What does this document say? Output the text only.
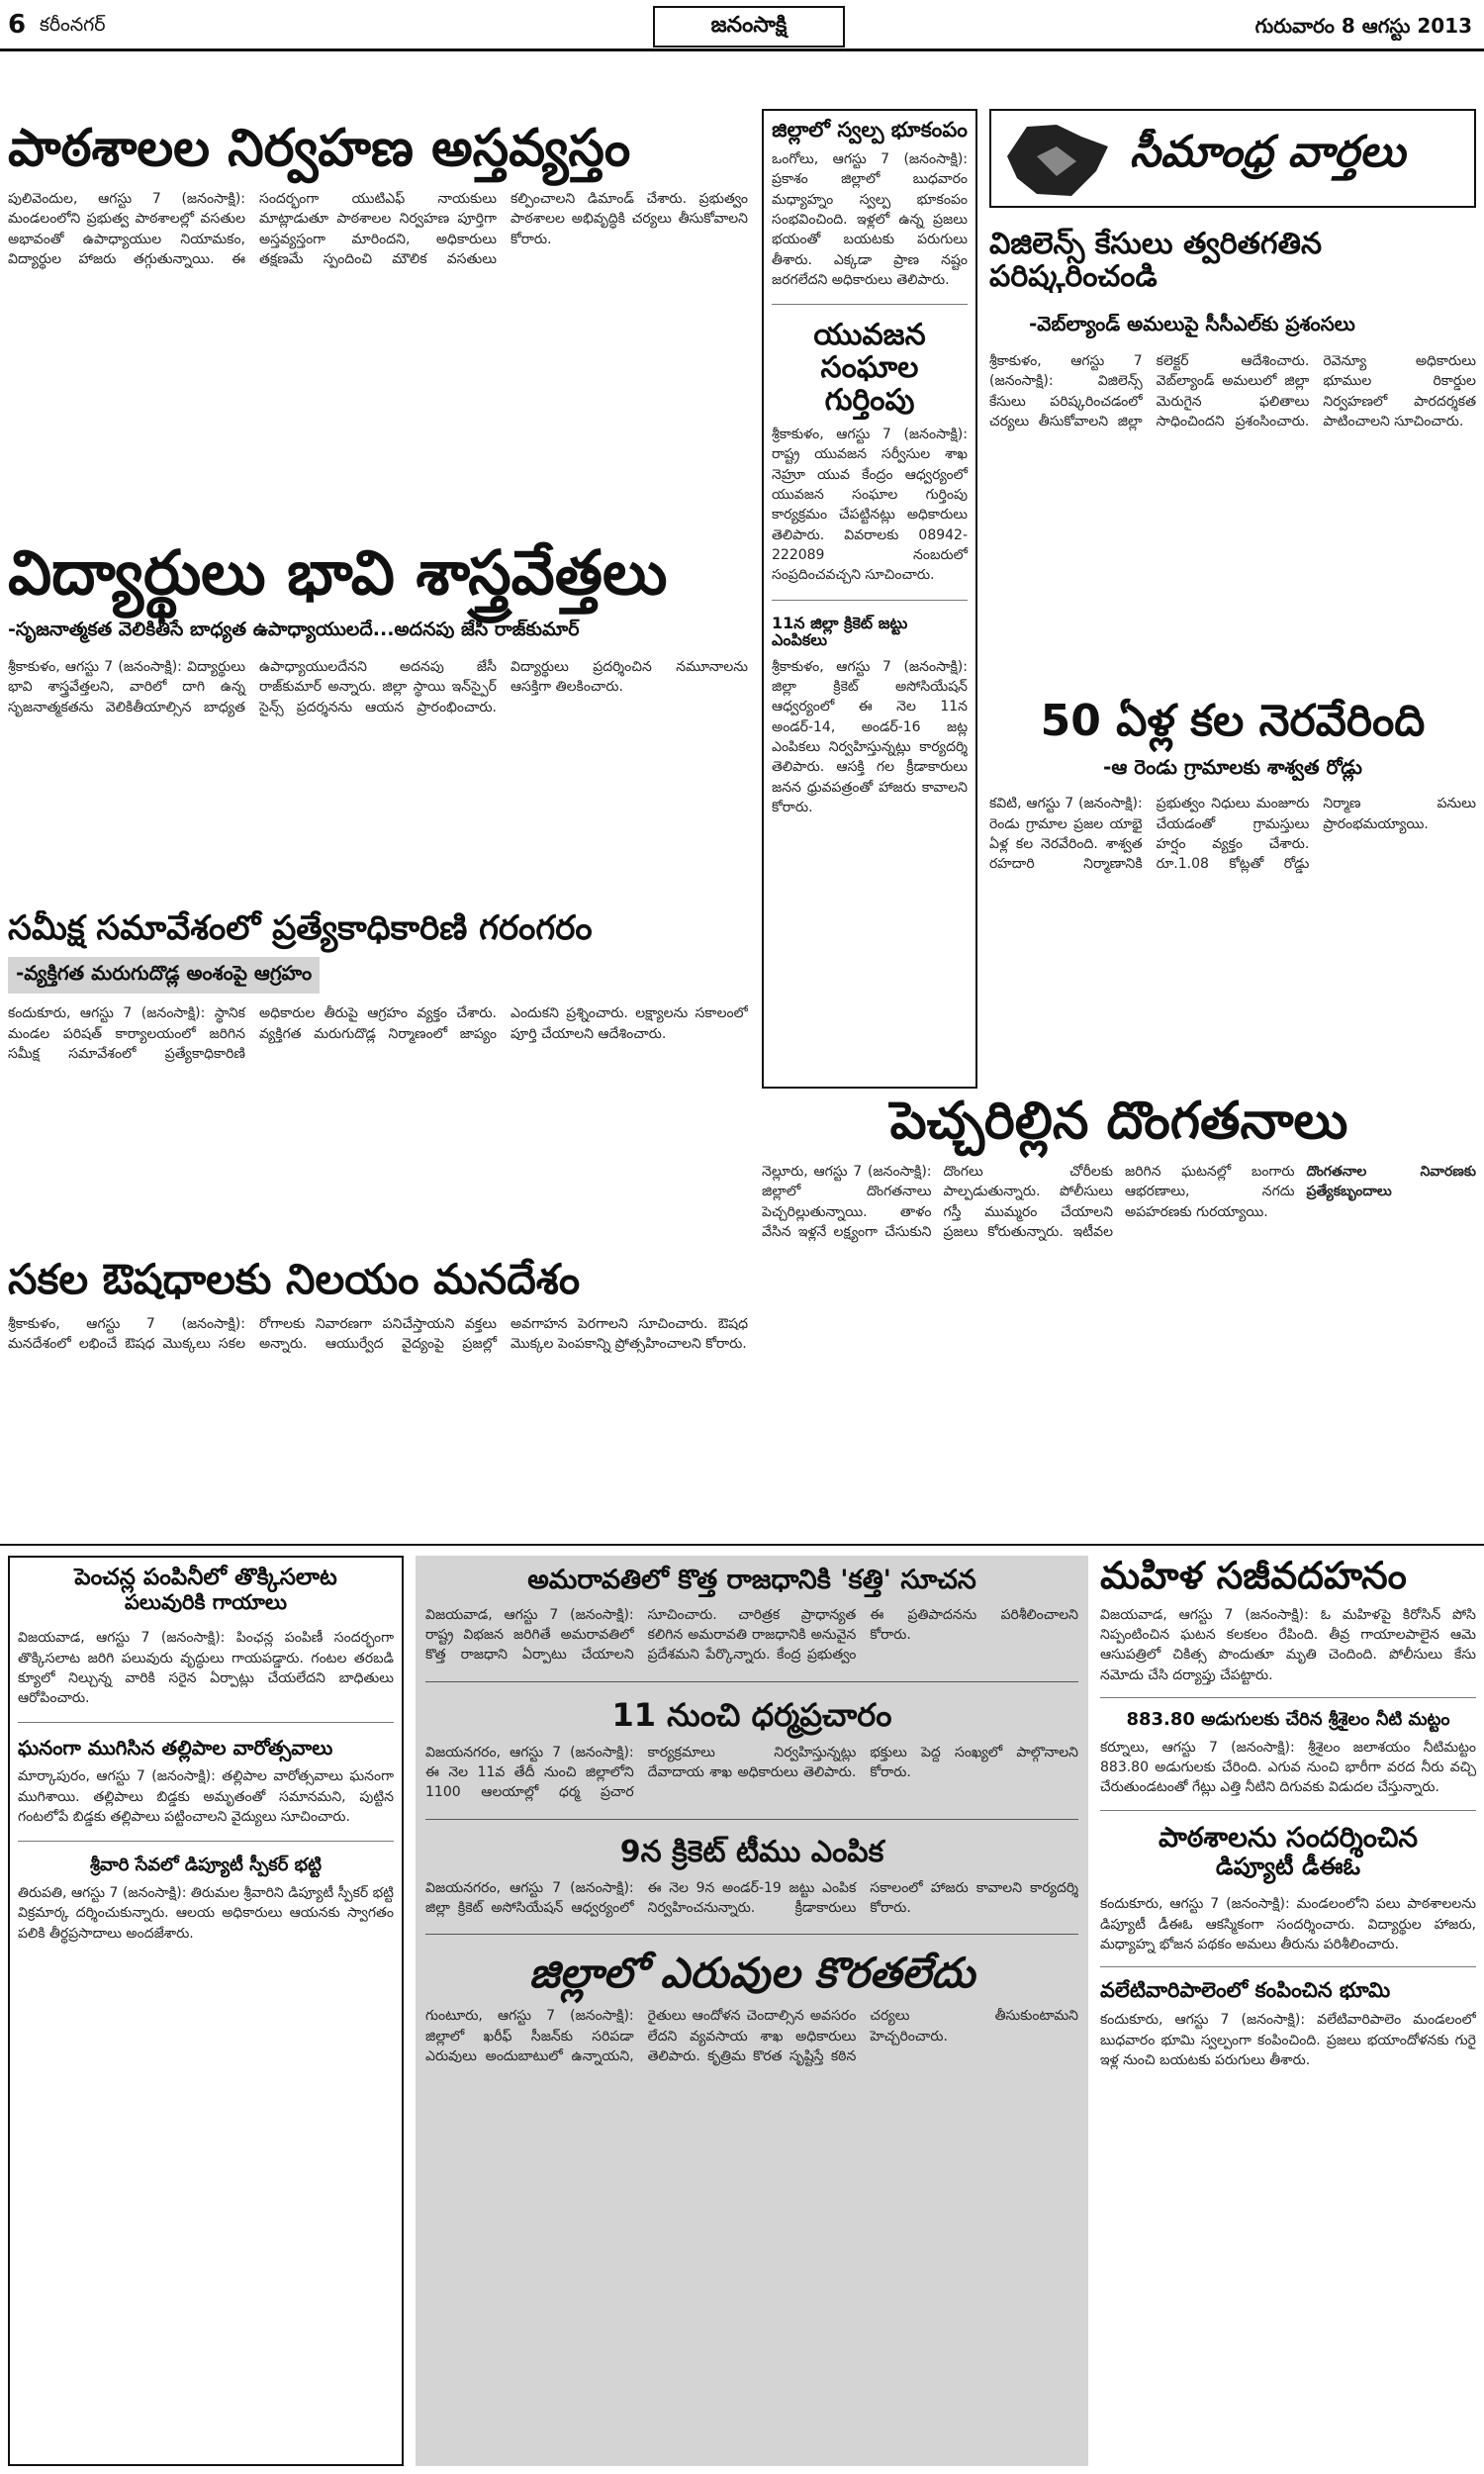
6 కరీంనగర్	జనంసాక్షి	గురువారం 8 ఆగస్టు 2013
పాఠశాలల నిర్వహణ అస్తవ్యస్తం
పులివెందుల, ఆగస్టు 7 (జనంసాక్షి): మండలంలోని ప్రభుత్వ పాఠశాలల్లో వసతుల అభావంతో ఉపాధ్యాయుల నియామకం, విద్యార్థుల హాజరు తగ్గుతున్నాయి. ఈ సందర్భంగా యుటిఎఫ్ నాయకులు మాట్లాడుతూ పాఠశాలల నిర్వహణ పూర్తిగా అస్తవ్యస్తంగా మారిందని, అధికారులు తక్షణమే స్పందించి మౌలిక వసతులు కల్పించాలని డిమాండ్ చేశారు. ప్రభుత్వం పాఠశాలల అభివృద్ధికి చర్యలు తీసుకోవాలని కోరారు.
జిల్లాలో స్వల్ప భూకంపం
ఒంగోలు, ఆగస్టు 7 (జనంసాక్షి): ప్రకాశం జిల్లాలో బుధవారం మధ్యాహ్నం స్వల్ప భూకంపం సంభవించింది. ఇళ్లలో ఉన్న ప్రజలు భయంతో బయటకు పరుగులు తీశారు. ఎక్కడా ప్రాణ నష్టం జరగలేదని అధికారులు తెలిపారు.
యువజన సంఘాల గుర్తింపు
శ్రీకాకుళం, ఆగస్టు 7 (జనంసాక్షి): రాష్ట్ర యువజన సర్వీసుల శాఖ నెహ్రూ యువ కేంద్రం ఆధ్వర్యంలో యువజన సంఘాల గుర్తింపు కార్యక్రమం చేపట్టినట్లు అధికారులు తెలిపారు. వివరాలకు 08942-222089 నంబరులో సంప్రదించవచ్చని సూచించారు.
11న జిల్లా క్రికెట్ జట్టు ఎంపికలు
శ్రీకాకుళం, ఆగస్టు 7 (జనంసాక్షి): జిల్లా క్రికెట్ అసోసియేషన్ ఆధ్వర్యంలో ఈ నెల 11న అండర్-14, అండర్-16 జట్ల ఎంపికలు నిర్వహిస్తున్నట్లు కార్యదర్శి తెలిపారు. ఆసక్తి గల క్రీడాకారులు జనన ధ్రువపత్రంతో హాజరు కావాలని కోరారు.
సీమాంధ్ర వార్తలు
విజిలెన్స్ కేసులు త్వరితగతిన పరిష్కరించండి
-వెబ్‌ల్యాండ్ అమలుపై సీసీఎల్‌కు ప్రశంసలు
శ్రీకాకుళం, ఆగస్టు 7 (జనంసాక్షి): విజిలెన్స్ కేసులు పరిష్కరించడంలో చర్యలు తీసుకోవాలని జిల్లా కలెక్టర్ ఆదేశించారు. వెబ్‌ల్యాండ్ అమలులో జిల్లా మెరుగైన ఫలితాలు సాధించిందని ప్రశంసించారు. రెవెన్యూ అధికారులు భూముల రికార్డుల నిర్వహణలో పారదర్శకత పాటించాలని సూచించారు.
విద్యార్థులు భావి శాస్త్రవేత్తలు
-సృజనాత్మకత వెలికితీసే బాధ్యత ఉపాధ్యాయులదే...అదనపు జేసీ రాజ్‌కుమార్
శ్రీకాకుళం, ఆగస్టు 7 (జనంసాక్షి): విద్యార్థులు భావి శాస్త్రవేత్తలని, వారిలో దాగి ఉన్న సృజనాత్మకతను వెలికితీయాల్సిన బాధ్యత ఉపాధ్యాయులదేనని అదనపు జేసీ రాజ్‌కుమార్ అన్నారు. జిల్లా స్థాయి ఇన్‌స్పైర్ సైన్స్ ప్రదర్శనను ఆయన ప్రారంభించారు. విద్యార్థులు ప్రదర్శించిన నమూనాలను ఆసక్తిగా తిలకించారు.
50 ఏళ్ల కల నెరవేరింది
-ఆ రెండు గ్రామాలకు శాశ్వత రోడ్లు
కవిటి, ఆగస్టు 7 (జనంసాక్షి): రెండు గ్రామాల ప్రజల యాభై ఏళ్ల కల నెరవేరింది. శాశ్వత రహదారి నిర్మాణానికి ప్రభుత్వం నిధులు మంజూరు చేయడంతో గ్రామస్తులు హర్షం వ్యక్తం చేశారు. రూ.1.08 కోట్లతో రోడ్డు నిర్మాణ పనులు ప్రారంభమయ్యాయి.
సమీక్ష సమావేశంలో ప్రత్యేకాధికారిణి గరంగరం
-వ్యక్తిగత మరుగుదొడ్ల అంశంపై ఆగ్రహం
కందుకూరు, ఆగస్టు 7 (జనంసాక్షి): స్థానిక మండల పరిషత్ కార్యాలయంలో జరిగిన సమీక్ష సమావేశంలో ప్రత్యేకాధికారిణి అధికారుల తీరుపై ఆగ్రహం వ్యక్తం చేశారు. వ్యక్తిగత మరుగుదొడ్ల నిర్మాణంలో జాప్యం ఎందుకని ప్రశ్నించారు. లక్ష్యాలను సకాలంలో పూర్తి చేయాలని ఆదేశించారు.
పెచ్చరిల్లిన దొంగతనాలు
నెల్లూరు, ఆగస్టు 7 (జనంసాక్షి): జిల్లాలో దొంగతనాలు పెచ్చరిల్లుతున్నాయి. తాళం వేసిన ఇళ్లనే లక్ష్యంగా చేసుకుని దొంగలు చోరీలకు పాల్పడుతున్నారు. పోలీసులు గస్తీ ముమ్మరం చేయాలని ప్రజలు కోరుతున్నారు. ఇటీవల జరిగిన ఘటనల్లో బంగారు ఆభరణాలు, నగదు అపహరణకు గురయ్యాయి.
దొంగతనాల నివారణకు ప్రత్యేకబృందాలు
సకల ఔషధాలకు నిలయం మనదేశం
శ్రీకాకుళం, ఆగస్టు 7 (జనంసాక్షి): మనదేశంలో లభించే ఔషధ మొక్కలు సకల రోగాలకు నివారణగా పనిచేస్తాయని వక్తలు అన్నారు. ఆయుర్వేద వైద్యంపై ప్రజల్లో అవగాహన పెరగాలని సూచించారు. ఔషధ మొక్కల పెంపకాన్ని ప్రోత్సహించాలని కోరారు.
పెంచన్ల పంపినీలో తొక్కిసలాట
పలువురికి గాయాలు
విజయవాడ, ఆగస్టు 7 (జనంసాక్షి): పింఛన్ల పంపిణీ సందర్భంగా తొక్కిసలాట జరిగి పలువురు వృద్ధులు గాయపడ్డారు. గంటల తరబడి క్యూలో నిల్చున్న వారికి సరైన ఏర్పాట్లు చేయలేదని బాధితులు ఆరోపించారు.
ఘనంగా ముగిసిన తల్లిపాల వారోత్సవాలు
మార్కాపురం, ఆగస్టు 7 (జనంసాక్షి): తల్లిపాల వారోత్సవాలు ఘనంగా ముగిశాయి. తల్లిపాలు బిడ్డకు అమృతంతో సమానమని, పుట్టిన గంటలోపే బిడ్డకు తల్లిపాలు పట్టించాలని వైద్యులు సూచించారు.
శ్రీవారి సేవలో డిప్యూటీ స్పీకర్ భట్టి
తిరుపతి, ఆగస్టు 7 (జనంసాక్షి): తిరుమల శ్రీవారిని డిప్యూటీ స్పీకర్ భట్టి విక్రమార్క దర్శించుకున్నారు. ఆలయ అధికారులు ఆయనకు స్వాగతం పలికి తీర్థప్రసాదాలు అందజేశారు.
అమరావతిలో కొత్త రాజధానికి 'కత్తి' సూచన
విజయవాడ, ఆగస్టు 7 (జనంసాక్షి): రాష్ట్ర విభజన జరిగితే అమరావతిలో కొత్త రాజధాని ఏర్పాటు చేయాలని సూచించారు. చారిత్రక ప్రాధాన్యత కలిగిన అమరావతి రాజధానికి అనువైన ప్రదేశమని పేర్కొన్నారు. కేంద్ర ప్రభుత్వం ఈ ప్రతిపాదనను పరిశీలించాలని కోరారు.
11 నుంచి ధర్మప్రచారం
విజయనగరం, ఆగస్టు 7 (జనంసాక్షి): ఈ నెల 11వ తేదీ నుంచి జిల్లాలోని 1100 ఆలయాల్లో ధర్మ ప్రచార కార్యక్రమాలు నిర్వహిస్తున్నట్లు దేవాదాయ శాఖ అధికారులు తెలిపారు. భక్తులు పెద్ద సంఖ్యలో పాల్గొనాలని కోరారు.
9న క్రికెట్ టీము ఎంపిక
విజయనగరం, ఆగస్టు 7 (జనంసాక్షి): జిల్లా క్రికెట్ అసోసియేషన్ ఆధ్వర్యంలో ఈ నెల 9న అండర్-19 జట్టు ఎంపిక నిర్వహించనున్నారు. క్రీడాకారులు సకాలంలో హాజరు కావాలని కార్యదర్శి కోరారు.
జిల్లాలో ఎరువుల కొరతలేదు
గుంటూరు, ఆగస్టు 7 (జనంసాక్షి): జిల్లాలో ఖరీఫ్ సీజన్‌కు సరిపడా ఎరువులు అందుబాటులో ఉన్నాయని, రైతులు ఆందోళన చెందాల్సిన అవసరం లేదని వ్యవసాయ శాఖ అధికారులు తెలిపారు. కృత్రిమ కొరత సృష్టిస్తే కఠిన చర్యలు తీసుకుంటామని హెచ్చరించారు.
మహిళ సజీవదహనం
విజయవాడ, ఆగస్టు 7 (జనంసాక్షి): ఓ మహిళపై కిరోసిన్ పోసి నిప్పంటించిన ఘటన కలకలం రేపింది. తీవ్ర గాయాలపాలైన ఆమె ఆసుపత్రిలో చికిత్స పొందుతూ మృతి చెందింది. పోలీసులు కేసు నమోదు చేసి దర్యాప్తు చేపట్టారు.
883.80 అడుగులకు చేరిన శ్రీశైలం నీటి మట్టం
కర్నూలు, ఆగస్టు 7 (జనంసాక్షి): శ్రీశైలం జలాశయం నీటిమట్టం 883.80 అడుగులకు చేరింది. ఎగువ నుంచి భారీగా వరద నీరు వచ్చి చేరుతుండటంతో గేట్లు ఎత్తి నీటిని దిగువకు విడుదల చేస్తున్నారు.
పాఠశాలను సందర్శించిన
డిప్యూటీ డీఈఓ
కందుకూరు, ఆగస్టు 7 (జనంసాక్షి): మండలంలోని పలు పాఠశాలలను డిప్యూటీ డీఈఓ ఆకస్మికంగా సందర్శించారు. విద్యార్థుల హాజరు, మధ్యాహ్న భోజన పథకం అమలు తీరును పరిశీలించారు.
వలేటివారిపాలెంలో కంపించిన భూమి
కందుకూరు, ఆగస్టు 7 (జనంసాక్షి): వలేటివారిపాలెం మండలంలో బుధవారం భూమి స్వల్పంగా కంపించింది. ప్రజలు భయాందోళనకు గురై ఇళ్ల నుంచి బయటకు పరుగులు తీశారు.
